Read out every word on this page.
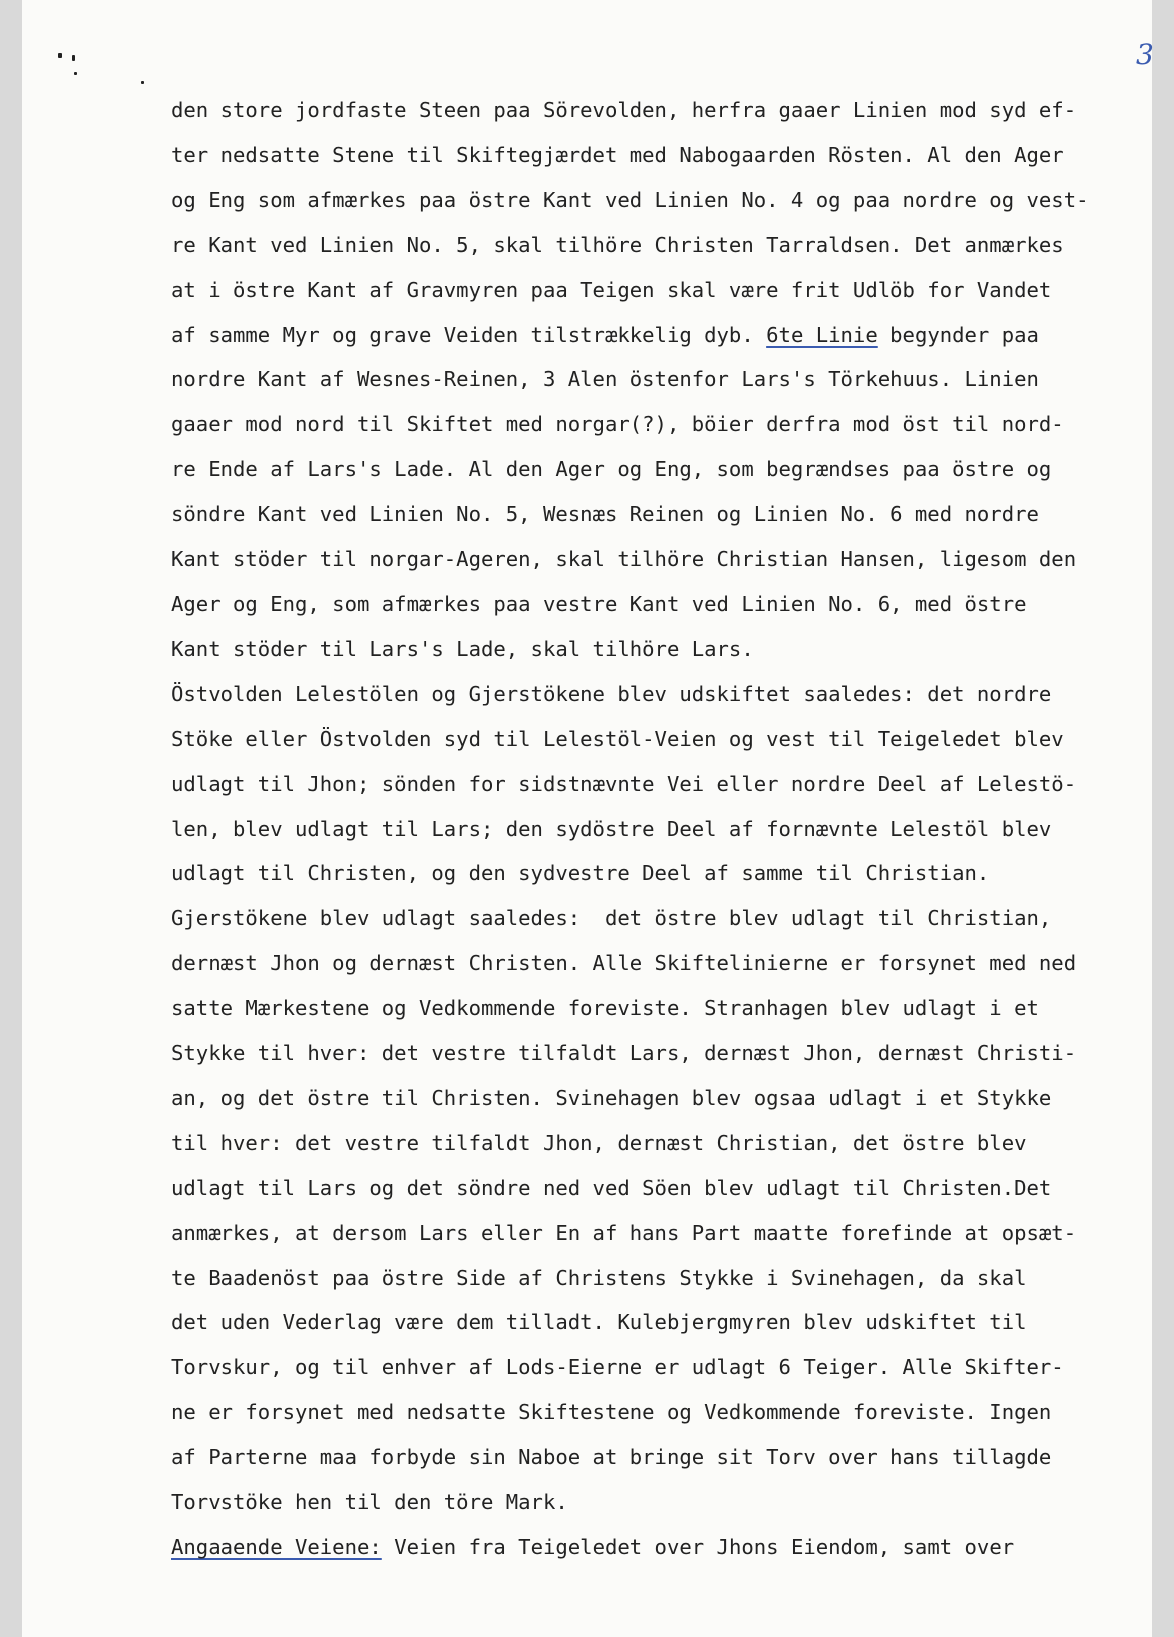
3
den store jordfaste Steen paa Sörevolden, herfra gaaer Linien mod syd ef-
ter nedsatte Stene til Skiftegjærdet med Nabogaarden Rösten. Al den Ager
og Eng som afmærkes paa östre Kant ved Linien No. 4 og paa nordre og vest-
re Kant ved Linien No. 5, skal tilhöre Christen Tarraldsen. Det anmærkes
at i östre Kant af Gravmyren paa Teigen skal være frit Udlöb for Vandet
af samme Myr og grave Veiden tilstrækkelig dyb. 6te Linie begynder paa
nordre Kant af Wesnes-Reinen, 3 Alen östenfor Lars's Törkehuus. Linien
gaaer mod nord til Skiftet med norgar(?), böier derfra mod öst til nord-
re Ende af Lars's Lade. Al den Ager og Eng, som begrændses paa östre og
söndre Kant ved Linien No. 5, Wesnæs Reinen og Linien No. 6 med nordre
Kant stöder til norgar-Ageren, skal tilhöre Christian Hansen, ligesom den
Ager og Eng, som afmærkes paa vestre Kant ved Linien No. 6, med östre
Kant stöder til Lars's Lade, skal tilhöre Lars.
Östvolden Lelestölen og Gjerstökene blev udskiftet saaledes: det nordre
Stöke eller Östvolden syd til Lelestöl-Veien og vest til Teigeledet blev
udlagt til Jhon; sönden for sidstnævnte Vei eller nordre Deel af Lelestö-
len, blev udlagt til Lars; den sydöstre Deel af fornævnte Lelestöl blev
udlagt til Christen, og den sydvestre Deel af samme til Christian.
Gjerstökene blev udlagt saaledes:  det östre blev udlagt til Christian,
dernæst Jhon og dernæst Christen. Alle Skiftelinierne er forsynet med ned
satte Mærkestene og Vedkommende foreviste. Stranhagen blev udlagt i et
Stykke til hver: det vestre tilfaldt Lars, dernæst Jhon, dernæst Christi-
an, og det östre til Christen. Svinehagen blev ogsaa udlagt i et Stykke
til hver: det vestre tilfaldt Jhon, dernæst Christian, det östre blev
udlagt til Lars og det söndre ned ved Söen blev udlagt til Christen.Det
anmærkes, at dersom Lars eller En af hans Part maatte forefinde at opsæt-
te Baadenöst paa östre Side af Christens Stykke i Svinehagen, da skal
det uden Vederlag være dem tilladt. Kulebjergmyren blev udskiftet til
Torvskur, og til enhver af Lods-Eierne er udlagt 6 Teiger. Alle Skifter-
ne er forsynet med nedsatte Skiftestene og Vedkommende foreviste. Ingen
af Parterne maa forbyde sin Naboe at bringe sit Torv over hans tillagde
Torvstöke hen til den töre Mark.
Angaaende Veiene: Veien fra Teigeledet over Jhons Eiendom, samt over
